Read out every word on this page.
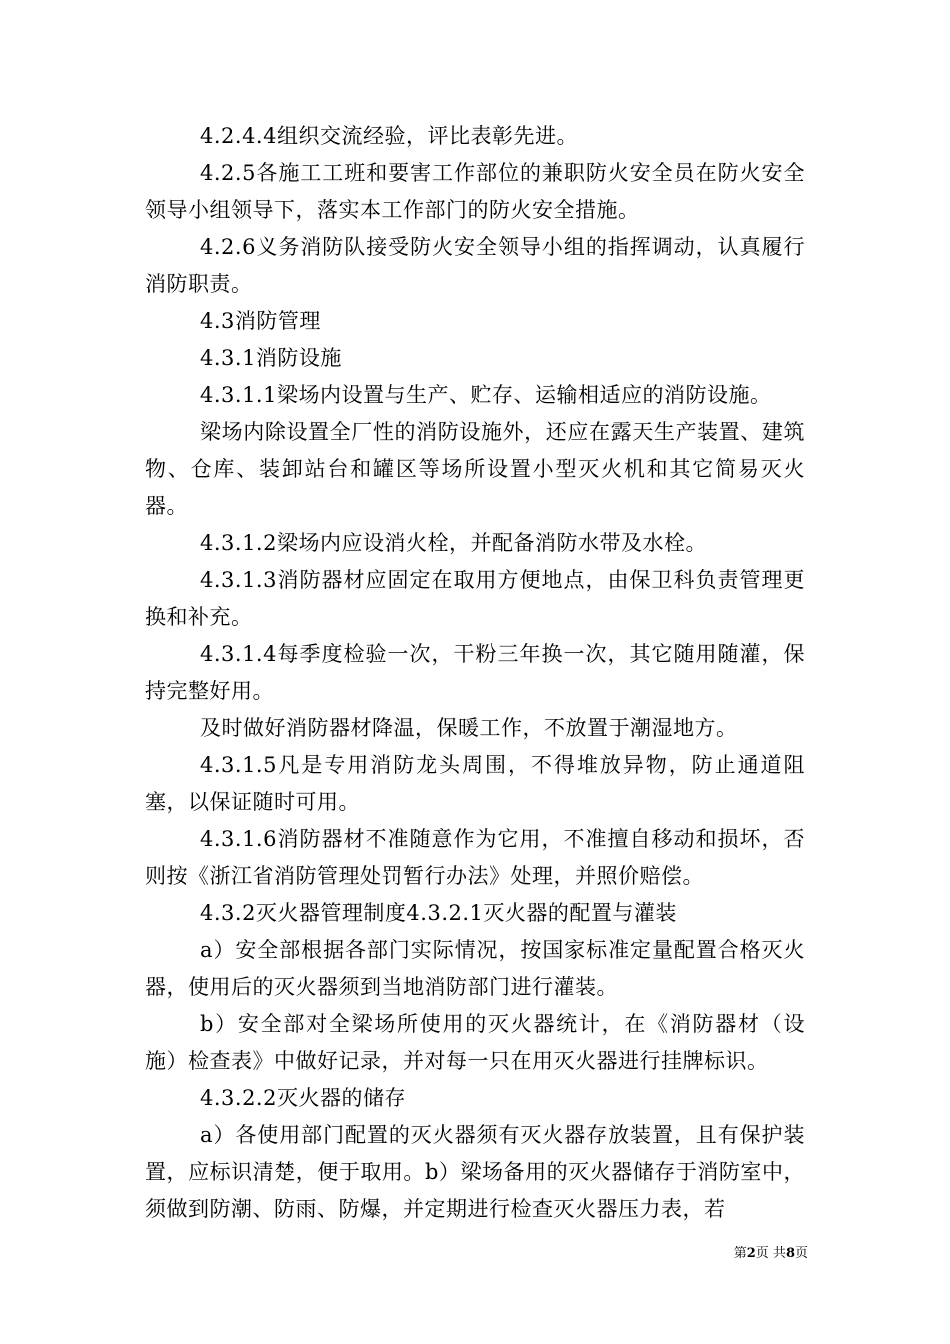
4.2.4.4组织交流经验，评比表彰先进。

4.2.5各施工工班和要害工作部位的兼职防火安全员在防火安全领导小组领导下，落实本工作部门的防火安全措施。

4.2.6义务消防队接受防火安全领导小组的指挥调动，认真履行消防职责。

4.3消防管理

4.3.1消防设施

4.3.1.1梁场内设置与生产、贮存、运输相适应的消防设施。

梁场内除设置全厂性的消防设施外，还应在露天生产装置、建筑物、仓库、装卸站台和罐区等场所设置小型灭火机和其它简易灭火器。

4.3.1.2梁场内应设消火栓，并配备消防水带及水栓。

4.3.1.3消防器材应固定在取用方便地点，由保卫科负责管理更换和补充。

4.3.1.4每季度检验一次，干粉三年换一次，其它随用随灌，保持完整好用。

及时做好消防器材降温，保暖工作，不放置于潮湿地方。

4.3.1.5凡是专用消防龙头周围，不得堆放异物，防止通道阻塞，以保证随时可用。

4.3.1.6消防器材不准随意作为它用，不准擅自移动和损坏，否则按《浙江省消防管理处罚暂行办法》处理，并照价赔偿。

4.3.2灭火器管理制度4.3.2.1灭火器的配置与灌装

a）安全部根据各部门实际情况，按国家标准定量配置合格灭火器，使用后的灭火器须到当地消防部门进行灌装。

b）安全部对全梁场所使用的灭火器统计，在《消防器材（设施）检查表》中做好记录，并对每一只在用灭火器进行挂牌标识。

4.3.2.2灭火器的储存

a）各使用部门配置的灭火器须有灭火器存放装置，且有保护装置，应标识清楚，便于取用。b）梁场备用的灭火器储存于消防室中，须做到防潮、防雨、防爆，并定期进行检查灭火器压力表，若

第2页 共8页
